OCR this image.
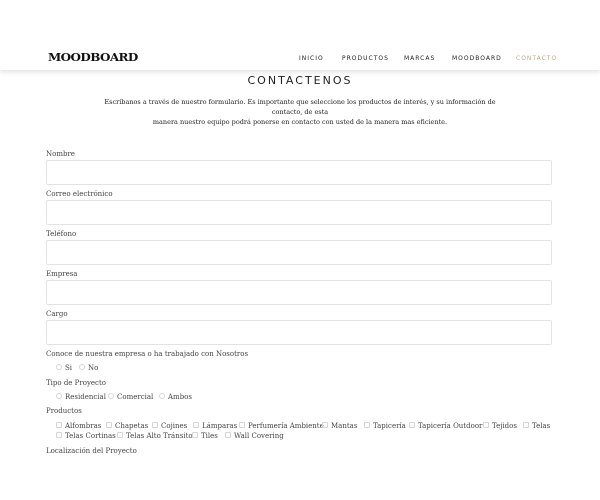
MOODBOARD	INICIO	PRODUCTOS	MARCAS	MOODBOARD CONTACTO
CONTACTENOS
Escríbanos a través de nuestro formulario. Es importante que seleccione los productos de interés, y su información de contacto, de esta
manera nuestro equipo podrá ponerse en contacto con usted de la manera mas eficiente.
Nombre
Correo electrónico
Teléfono
Empresa
Cargo
Conoce de nuestra empresa o ha trabajado con Nosotros
Si	No
Tipo de Proyecto
Residencial	Comercial	Ambos
Productos
Alfombras	Chapetas	Cojines	Lámparas	Perfumería Ambiente	Mantas	Tapicería	Tapicería Outdoor	Tejidos	Telas
Telas Cortinas	Telas Alto Tránsito	Tiles	Wall Covering
Localización del Proyecto
